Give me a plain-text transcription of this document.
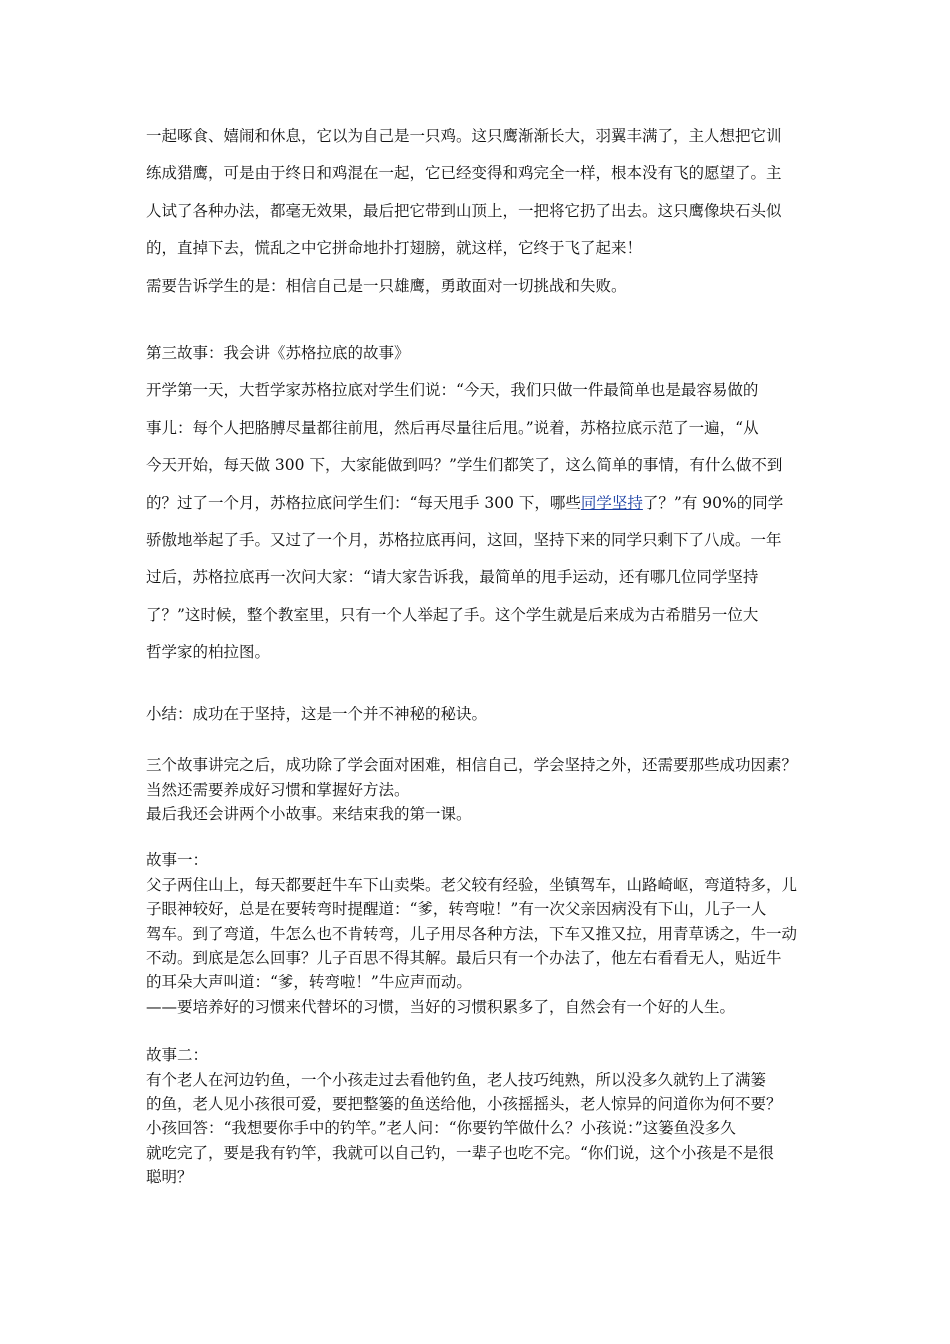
一起啄食、嬉闹和休息，它以为自己是一只鸡。这只鹰渐渐长大，羽翼丰满了，主人想把它训
练成猎鹰，可是由于终日和鸡混在一起，它已经变得和鸡完全一样，根本没有飞的愿望了。主
人试了各种办法，都毫无效果，最后把它带到山顶上，一把将它扔了出去。这只鹰像块石头似
的，直掉下去，慌乱之中它拼命地扑打翅膀，就这样，它终于飞了起来！

需要告诉学生的是：相信自己是一只雄鹰，勇敢面对一切挑战和失败。

第三故事：我会讲《苏格拉底的故事》

开学第一天，大哲学家苏格拉底对学生们说：“今天，我们只做一件最简单也是最容易做的
事儿：每个人把胳膊尽量都往前甩，然后再尽量往后甩。”说着，苏格拉底示范了一遍，“从
今天开始，每天做 300 下，大家能做到吗？”学生们都笑了，这么简单的事情，有什么做不到
的？过了一个月，苏格拉底问学生们：“每天甩手 300 下，哪些同学坚持了？”有 90%的同学
骄傲地举起了手。又过了一个月，苏格拉底再问，这回，坚持下来的同学只剩下了八成。一年
过后，苏格拉底再一次问大家：“请大家告诉我，最简单的甩手运动，还有哪几位同学坚持
了？”这时候，整个教室里，只有一个人举起了手。这个学生就是后来成为古希腊另一位大
哲学家的柏拉图。

小结：成功在于坚持，这是一个并不神秘的秘诀。

三个故事讲完之后，成功除了学会面对困难，相信自己，学会坚持之外，还需要那些成功因素？
当然还需要养成好习惯和掌握好方法。
最后我还会讲两个小故事。来结束我的第一课。

故事一：

父子两住山上，每天都要赶牛车下山卖柴。老父较有经验，坐镇驾车，山路崎岖，弯道特多，儿
子眼神较好，总是在要转弯时提醒道：“爹，转弯啦！”有一次父亲因病没有下山，儿子一人
驾车。到了弯道，牛怎么也不肯转弯，儿子用尽各种方法，下车又推又拉，用青草诱之，牛一动
不动。到底是怎么回事？儿子百思不得其解。最后只有一个办法了，他左右看看无人，贴近牛
的耳朵大声叫道：“爹，转弯啦！”牛应声而动。
——要培养好的习惯来代替坏的习惯，当好的习惯积累多了，自然会有一个好的人生。

故事二：

有个老人在河边钓鱼，一个小孩走过去看他钓鱼，老人技巧纯熟，所以没多久就钓上了满篓
的鱼，老人见小孩很可爱，要把整篓的鱼送给他，小孩摇摇头，老人惊异的问道你为何不要？
小孩回答：“我想要你手中的钓竿。”老人问：“你要钓竿做什么？小孩说：”这篓鱼没多久
就吃完了，要是我有钓竿，我就可以自己钓，一辈子也吃不完。“你们说，这个小孩是不是很
聪明？
